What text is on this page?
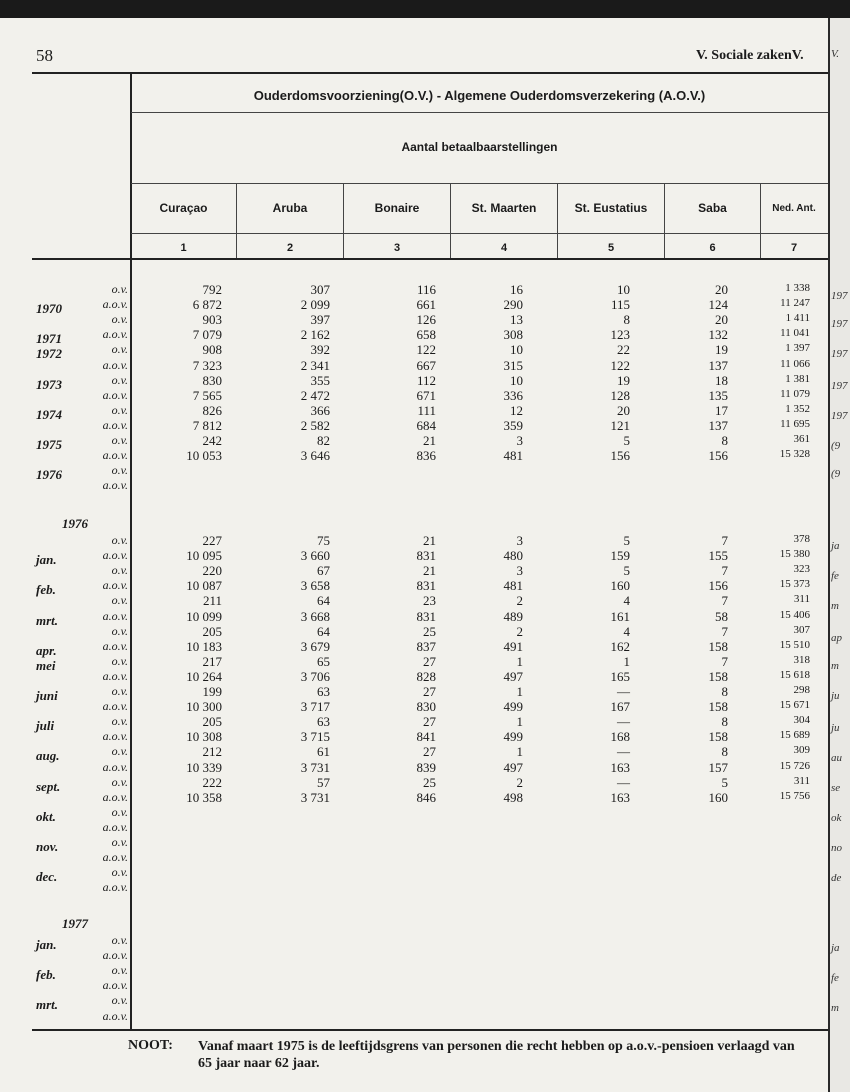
V.
197
197
197
197
197
(9
(9
ja
fe
m
ap
m
ju
ju
au
se
ok
no
de
ja
fe
m
58	V. Sociale zakenV.
Ouderdomsvoorziening(O.V.) - Algemene Ouderdomsverzekering (A.O.V.)
Aantal betaalbaarstellingen
Curaçao	Aruba	Bonaire	St. Maarten	St. Eustatius	Saba	Ned. Ant.
1	2	3	4	5	6	7
o.v.	792	307	116	16	10	20	1 338
1970	a.o.v.	6 872	2 099	661	290	115	124	11 247
o.v.	903	397	126	13	8	20	1 411
1971	a.o.v.	7 079	2 162	658	308	123	132	11 041
1972	o.v.	908	392	122	10	22	19	1 397
a.o.v.	7 323	2 341	667	315	122	137	11 066
1973	o.v.	830	355	112	10	19	18	1 381
a.o.v.	7 565	2 472	671	336	128	135	11 079
1974	o.v.	826	366	111	12	20	17	1 352
a.o.v.	7 812	2 582	684	359	121	137	11 695
1975	o.v.	242	82	21	3	5	8	361
a.o.v.	10 053	3 646	836	481	156	156	15 328
1976	o.v.
a.o.v.
o.v.	227	75	21	3	5	7	378
jan.	a.o.v.	10 095	3 660	831	480	159	155	15 380
o.v.	220	67	21	3	5	7	323
feb.	a.o.v.	10 087	3 658	831	481	160	156	15 373
o.v.	211	64	23	2	4	7	311
mrt.	a.o.v.	10 099	3 668	831	489	161	58	15 406
o.v.	205	64	25	2	4	7	307
apr.	a.o.v.	10 183	3 679	837	491	162	158	15 510
mei	o.v.	217	65	27	1	1	7	318
a.o.v.	10 264	3 706	828	497	165	158	15 618
juni	o.v.	199	63	27	1	—	8	298
a.o.v.	10 300	3 717	830	499	167	158	15 671
juli	o.v.	205	63	27	1	—	8	304
a.o.v.	10 308	3 715	841	499	168	158	15 689
aug.	o.v.	212	61	27	1	—	8	309
a.o.v.	10 339	3 731	839	497	163	157	15 726
sept.	o.v.	222	57	25	2	—	5	311
a.o.v.	10 358	3 731	846	498	163	160	15 756
okt.	o.v.
a.o.v.
nov.	o.v.
a.o.v.
dec.	o.v.
a.o.v.
jan.	o.v.
a.o.v.
feb.	o.v.
a.o.v.
mrt.	o.v.
a.o.v.
1976
1977
NOOT: Vanaf maart 1975 is de leeftijdsgrens van personen die recht hebben op a.o.v.-pensioen verlaagd van 65 jaar naar 62 jaar.
